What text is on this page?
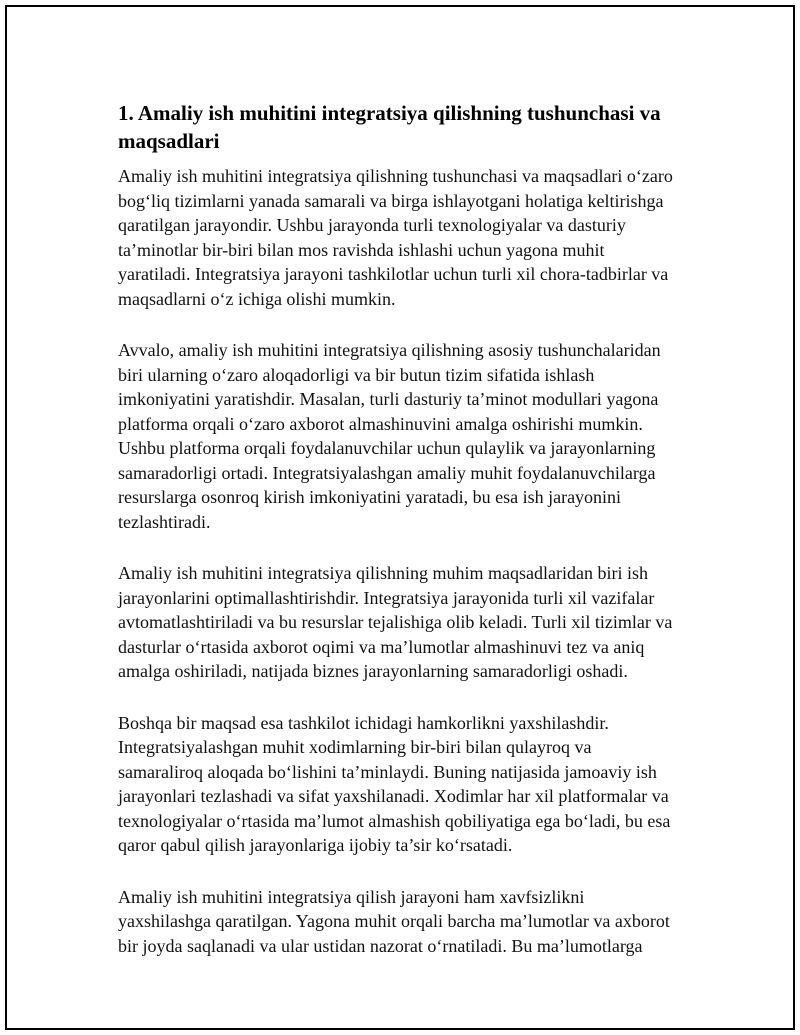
1. Amaliy ish muhitini integratsiya qilishning tushunchasi va
maqsadlari

Amaliy ish muhitini integratsiya qilishning tushunchasi va maqsadlari o‘zaro
bog‘liq tizimlarni yanada samarali va birga ishlayotgani holatiga keltirishga
qaratilgan jarayondir. Ushbu jarayonda turli texnologiyalar va dasturiy
ta’minotlar bir-biri bilan mos ravishda ishlashi uchun yagona muhit
yaratiladi. Integratsiya jarayoni tashkilotlar uchun turli xil chora-tadbirlar va
maqsadlarni o‘z ichiga olishi mumkin.

Avvalo, amaliy ish muhitini integratsiya qilishning asosiy tushunchalaridan
biri ularning o‘zaro aloqadorligi va bir butun tizim sifatida ishlash
imkoniyatini yaratishdir. Masalan, turli dasturiy ta’minot modullari yagona
platforma orqali o‘zaro axborot almashinuvini amalga oshirishi mumkin.
Ushbu platforma orqali foydalanuvchilar uchun qulaylik va jarayonlarning
samaradorligi ortadi. Integratsiyalashgan amaliy muhit foydalanuvchilarga
resurslarga osonroq kirish imkoniyatini yaratadi, bu esa ish jarayonini
tezlashtiradi.

Amaliy ish muhitini integratsiya qilishning muhim maqsadlaridan biri ish
jarayonlarini optimallashtirishdir. Integratsiya jarayonida turli xil vazifalar
avtomatlashtiriladi va bu resurslar tejalishiga olib keladi. Turli xil tizimlar va
dasturlar o‘rtasida axborot oqimi va ma’lumotlar almashinuvi tez va aniq
amalga oshiriladi, natijada biznes jarayonlarning samaradorligi oshadi.

Boshqa bir maqsad esa tashkilot ichidagi hamkorlikni yaxshilashdir.
Integratsiyalashgan muhit xodimlarning bir-biri bilan qulayroq va
samaraliroq aloqada bo‘lishini ta’minlaydi. Buning natijasida jamoaviy ish
jarayonlari tezlashadi va sifat yaxshilanadi. Xodimlar har xil platformalar va
texnologiyalar o‘rtasida ma’lumot almashish qobiliyatiga ega bo‘ladi, bu esa
qaror qabul qilish jarayonlariga ijobiy ta’sir ko‘rsatadi.

Amaliy ish muhitini integratsiya qilish jarayoni ham xavfsizlikni
yaxshilashga qaratilgan. Yagona muhit orqali barcha ma’lumotlar va axborot
bir joyda saqlanadi va ular ustidan nazorat o‘rnatiladi. Bu ma’lumotlarga
